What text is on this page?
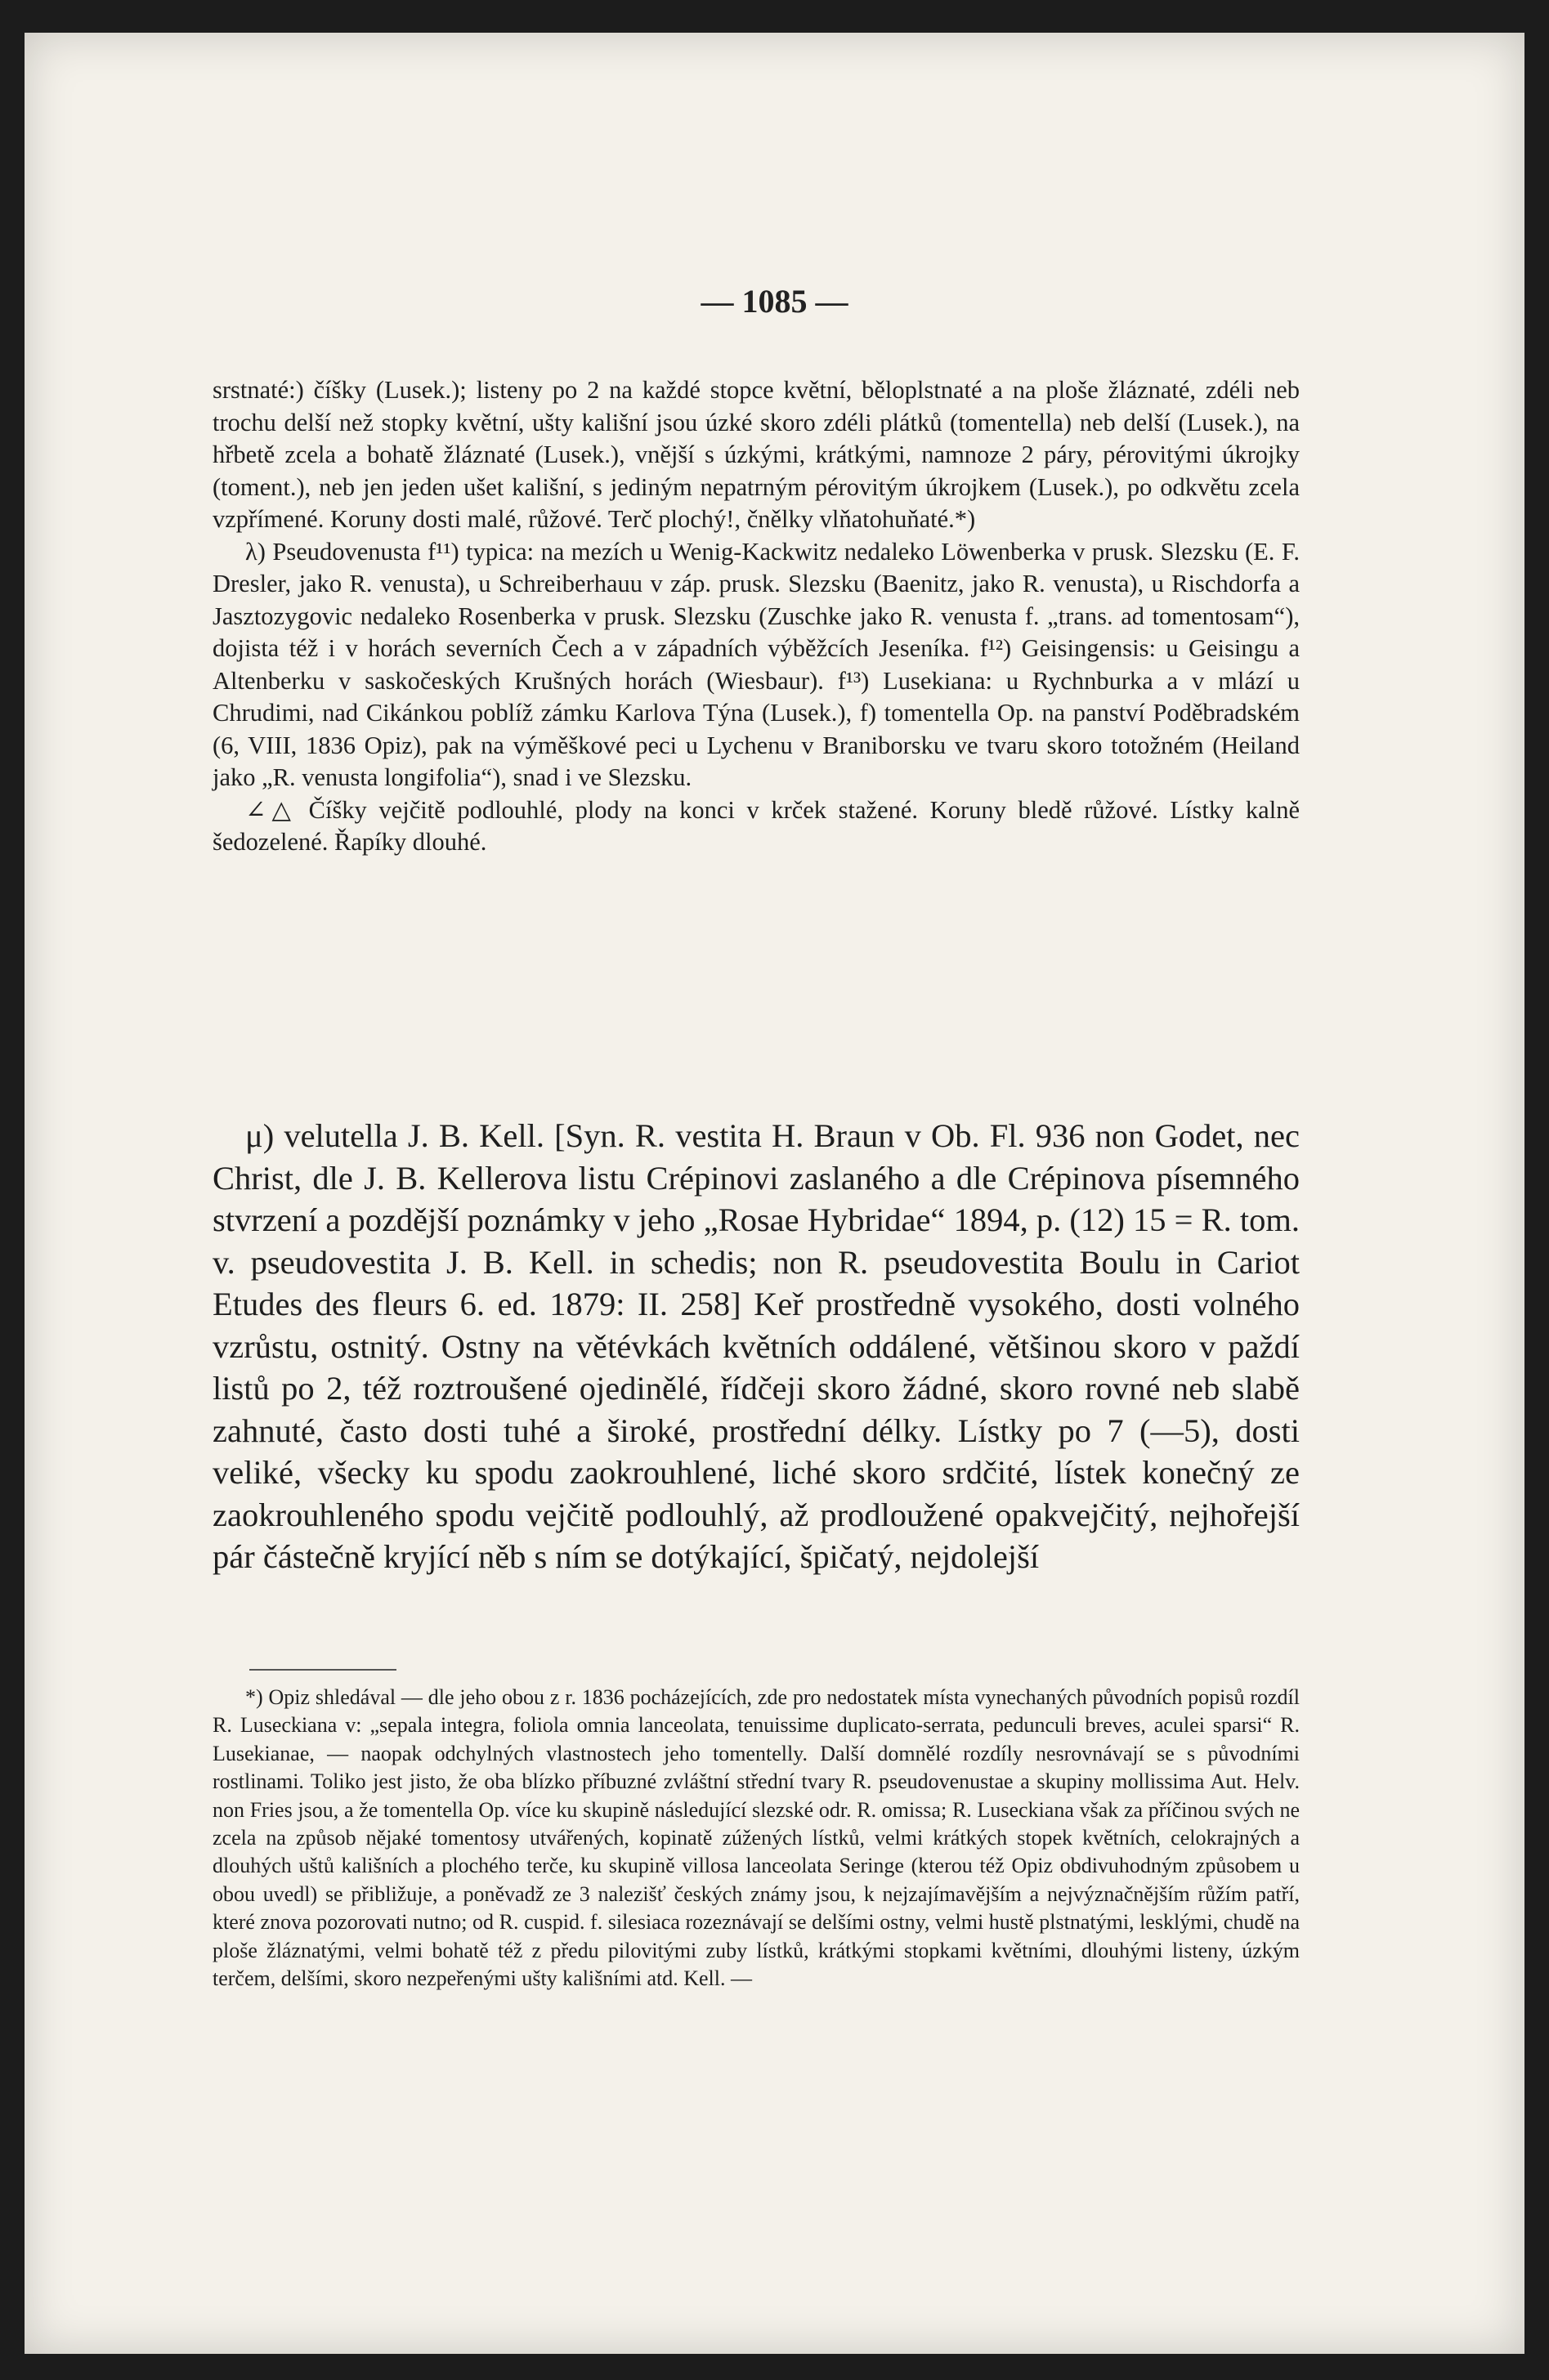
— 1085 —

srstnaté:) číšky (Lusek.); listeny po 2 na každé stopce květní, běloplstnaté a na ploše žláznaté, zdéli neb trochu delší než stopky květní, ušty kališní jsou úzké skoro zdéli plátků (tomentella) neb delší (Lusek.), na hřbetě zcela a bohatě žláznaté (Lusek.), vnější s úzkými, krátkými, namnoze 2 páry, pérovitými úkrojky (toment.), neb jen jeden ušet kališní, s jediným nepatrným pérovitým úkrojkem (Lusek.), po odkvětu zcela vzpřímené. Koruny dosti malé, růžové. Terč plochý!, čnělky vlňatohuňaté.*)

λ) Pseudovenusta f¹¹) typica: na mezích u Wenig-Kackwitz nedaleko Löwenberka v prusk. Slezsku (E. F. Dresler, jako R. venusta), u Schreiberhauu v záp. prusk. Slezsku (Baenitz, jako R. venusta), u Rischdorfa a Jasztozygovic nedaleko Rosenberka v prusk. Slezsku (Zuschke jako R. venusta f. „trans. ad tomentosam“), dojista též i v horách severních Čech a v západních výběžcích Jeseníka. f¹²) Geisingensis: u Geisingu a Altenberku v saskočeských Krušných horách (Wiesbaur). f¹³) Lusekiana: u Rychnburka a v mlází u Chrudimi, nad Cikánkou poblíž zámku Karlova Týna (Lusek.), f) tomentella Op. na panství Poděbradském (6, VIII, 1836 Opiz), pak na výměškové peci u Lychenu v Braniborsku ve tvaru skoro totožném (Heiland jako „R. venusta longifolia“), snad i ve Slezsku.

∠△ Číšky vejčitě podlouhlé, plody na konci v krček stažené. Koruny bledě růžové. Lístky kalně šedozelené. Řapíky dlouhé.

μ) velutella J. B. Kell. [Syn. R. vestita H. Braun v Ob. Fl. 936 non Godet, nec Christ, dle J. B. Kellerova listu Crépinovi zaslaného a dle Crépinova písemného stvrzení a pozdější poznámky v jeho „Rosae Hybridae“ 1894, p. (12) 15 = R. tom. v. pseudovestita J. B. Kell. in schedis; non R. pseudovestita Boulu in Cariot Etudes des fleurs 6. ed. 1879: II. 258] Keř prostředně vysokého, dosti volného vzrůstu, ostnitý. Ostny na větévkách květních oddálené, většinou skoro v paždí listů po 2, též roztroušené ojedinělé, řídčeji skoro žádné, skoro rovné neb slabě zahnuté, často dosti tuhé a široké, prostřední délky. Lístky po 7 (—5), dosti veliké, všecky ku spodu zaokrouhlené, liché skoro srdčité, lístek konečný ze zaokrouhleného spodu vejčitě podlouhlý, až prodloužené opakvejčitý, nejhořejší pár částečně kryjící něb s ním se dotýkající, špičatý, nejdolejší

*) Opiz shledával — dle jeho obou z r. 1836 pocházejících, zde pro nedostatek místa vynechaných původních popisů rozdíl R. Luseckiana v: „sepala integra, foliola omnia lanceolata, tenuissime duplicato-serrata, pedunculi breves, aculei sparsi“ R. Lusekianae, — naopak odchylných vlastnostech jeho tomentelly. Další domnělé rozdíly nesrovnávají se s původními rostlinami. Toliko jest jisto, že oba blízko příbuzné zvláštní střední tvary R. pseudovenustae a skupiny mollissima Aut. Helv. non Fries jsou, a že tomentella Op. více ku skupině následující slezské odr. R. omissa; R. Luseckiana však za příčinou svých ne zcela na způsob nějaké tomentosy utvářených, kopinatě zúžených lístků, velmi krátkých stopek květních, celokrajných a dlouhých uštů kališních a plochého terče, ku skupině villosa lanceolata Seringe (kterou též Opiz obdivuhodným způsobem u obou uvedl) se přibližuje, a poněvadž ze 3 nalezišť českých známy jsou, k nejzajímavějším a nejvýznačnějším růžím patří, které znova pozorovati nutno; od R. cuspid. f. silesiaca rozeznávají se delšími ostny, velmi hustě plstnatými, lesklými, chudě na ploše žláznatými, velmi bohatě též z předu pilovitými zuby lístků, krátkými stopkami květními, dlouhými listeny, úzkým terčem, delšími, skoro nezpeřenými ušty kališními atd. Kell. —
